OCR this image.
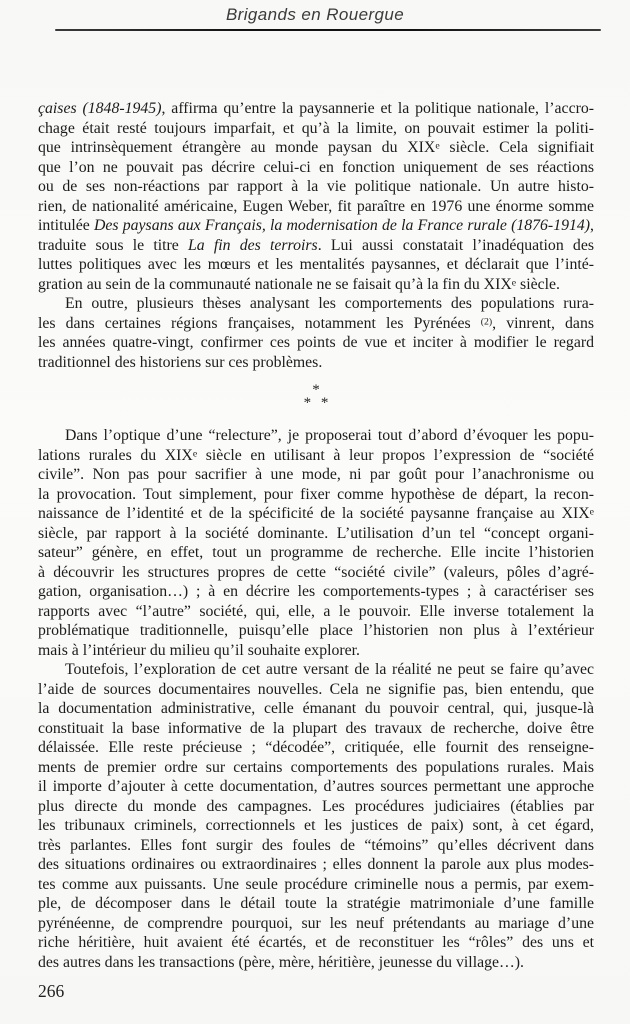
Brigands en Rouergue
çaises (1848-1945), affirma qu’entre la paysannerie et la politique nationale, l’accro-
chage était resté toujours imparfait, et qu’à la limite, on pouvait estimer la politi-
que intrinsèquement étrangère au monde paysan du XIXe siècle. Cela signifiait
que l’on ne pouvait pas décrire celui-ci en fonction uniquement de ses réactions
ou de ses non-réactions par rapport à la vie politique nationale. Un autre histo-
rien, de nationalité américaine, Eugen Weber, fit paraître en 1976 une énorme somme
intitulée Des paysans aux Français, la modernisation de la France rurale (1876-1914),
traduite sous le titre La fin des terroirs. Lui aussi constatait l’inadéquation des
luttes politiques avec les mœurs et les mentalités paysannes, et déclarait que l’inté-
gration au sein de la communauté nationale ne se faisait qu’à la fin du XIXe siècle.
En outre, plusieurs thèses analysant les comportements des populations rura-
les dans certaines régions françaises, notamment les Pyrénées $^{(2)}$, vinrent, dans
les années quatre-vingt, confirmer ces points de vue et inciter à modifier le regard
traditionnel des historiens sur ces problèmes.
*
* *
Dans l’optique d’une “relecture”, je proposerai tout d’abord d’évoquer les popu-
lations rurales du XIXe siècle en utilisant à leur propos l’expression de “société
civile”. Non pas pour sacrifier à une mode, ni par goût pour l’anachronisme ou
la provocation. Tout simplement, pour fixer comme hypothèse de départ, la recon-
naissance de l’identité et de la spécificité de la société paysanne française au XIXe
siècle, par rapport à la société dominante. L’utilisation d’un tel “concept organi-
sateur” génère, en effet, tout un programme de recherche. Elle incite l’historien
à découvrir les structures propres de cette “société civile” (valeurs, pôles d’agré-
gation, organisation…) ; à en décrire les comportements-types ; à caractériser ses
rapports avec “l’autre” société, qui, elle, a le pouvoir. Elle inverse totalement la
problématique traditionnelle, puisqu’elle place l’historien non plus à l’extérieur
mais à l’intérieur du milieu qu’il souhaite explorer.
Toutefois, l’exploration de cet autre versant de la réalité ne peut se faire qu’avec
l’aide de sources documentaires nouvelles. Cela ne signifie pas, bien entendu, que
la documentation administrative, celle émanant du pouvoir central, qui, jusque-là
constituait la base informative de la plupart des travaux de recherche, doive être
délaissée. Elle reste précieuse ; “décodée”, critiquée, elle fournit des renseigne-
ments de premier ordre sur certains comportements des populations rurales. Mais
il importe d’ajouter à cette documentation, d’autres sources permettant une approche
plus directe du monde des campagnes. Les procédures judiciaires (établies par
les tribunaux criminels, correctionnels et les justices de paix) sont, à cet égard,
très parlantes. Elles font surgir des foules de “témoins” qu’elles décrivent dans
des situations ordinaires ou extraordinaires ; elles donnent la parole aux plus modes-
tes comme aux puissants. Une seule procédure criminelle nous a permis, par exem-
ple, de décomposer dans le détail toute la stratégie matrimoniale d’une famille
pyrénéenne, de comprendre pourquoi, sur les neuf prétendants au mariage d’une
riche héritière, huit avaient été écartés, et de reconstituer les “rôles” des uns et
des autres dans les transactions (père, mère, héritière, jeunesse du village…).
266
